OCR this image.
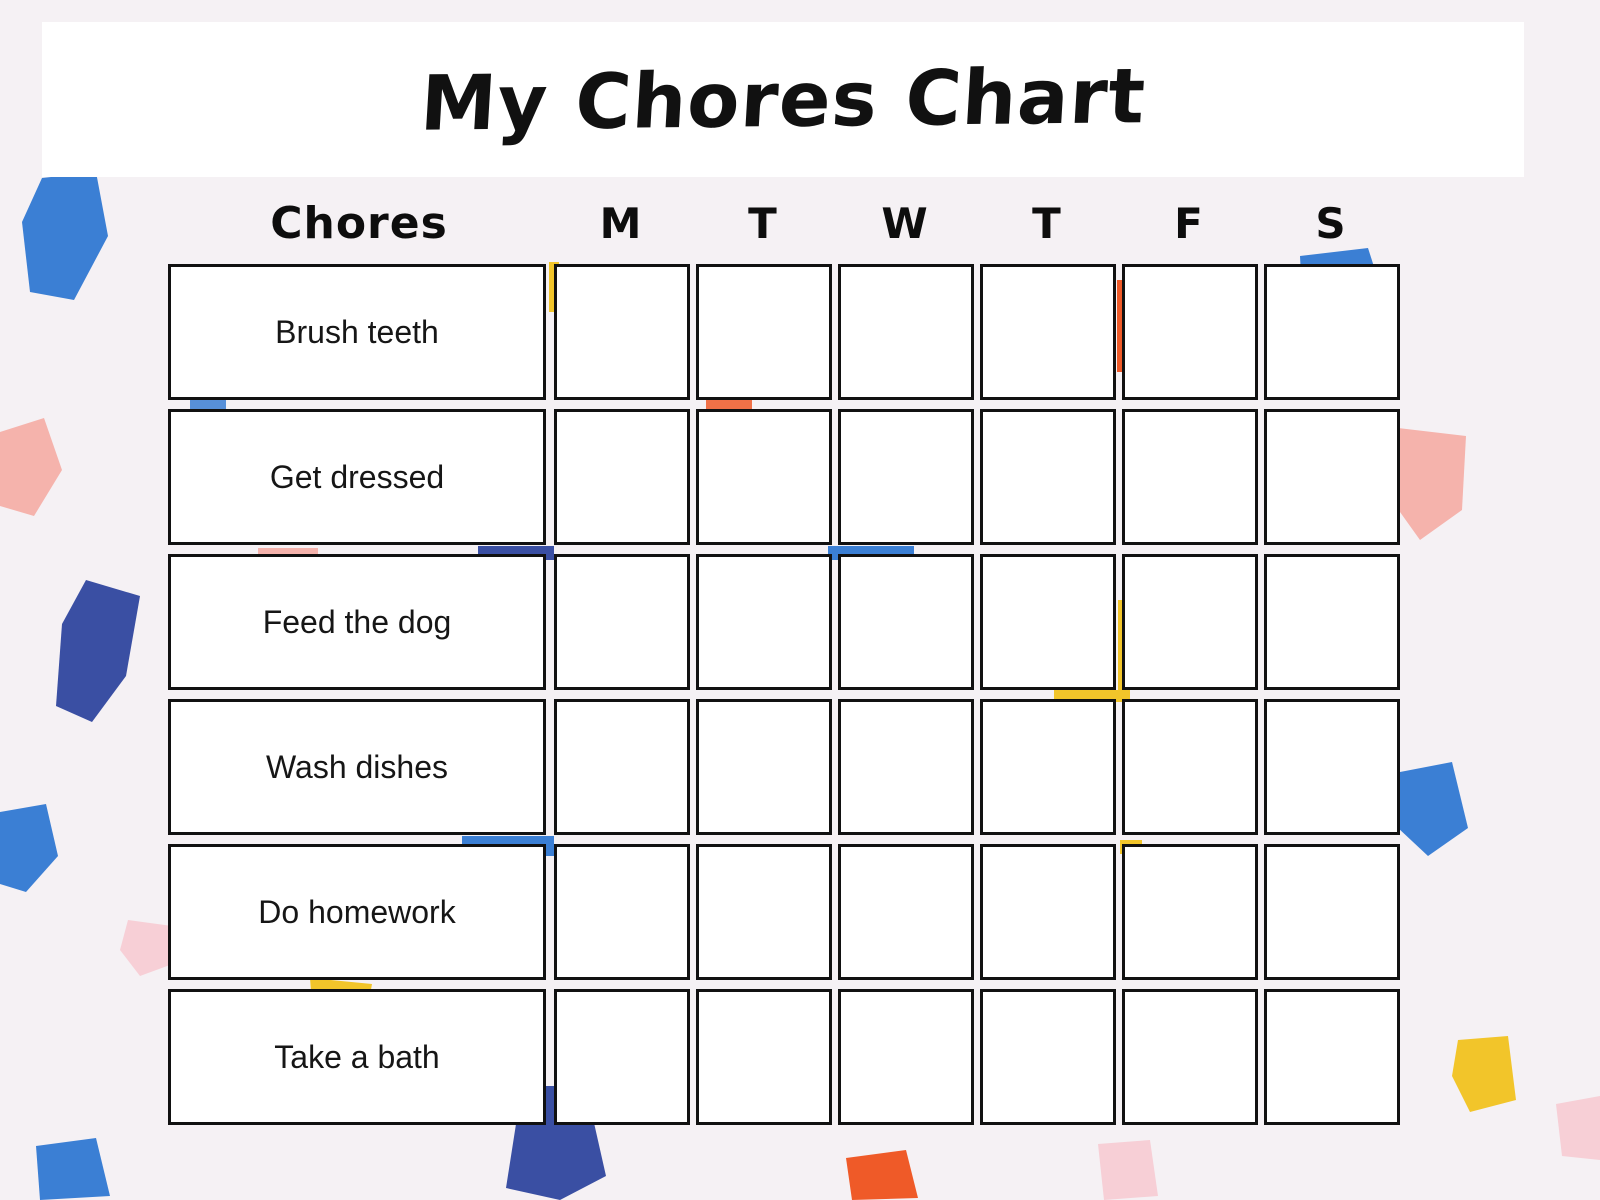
My Chores Chart
Chores	M	T	W	T	F	S
Brush teeth
Get dressed
Feed the dog
Wash dishes
Do homework
Take a bath
